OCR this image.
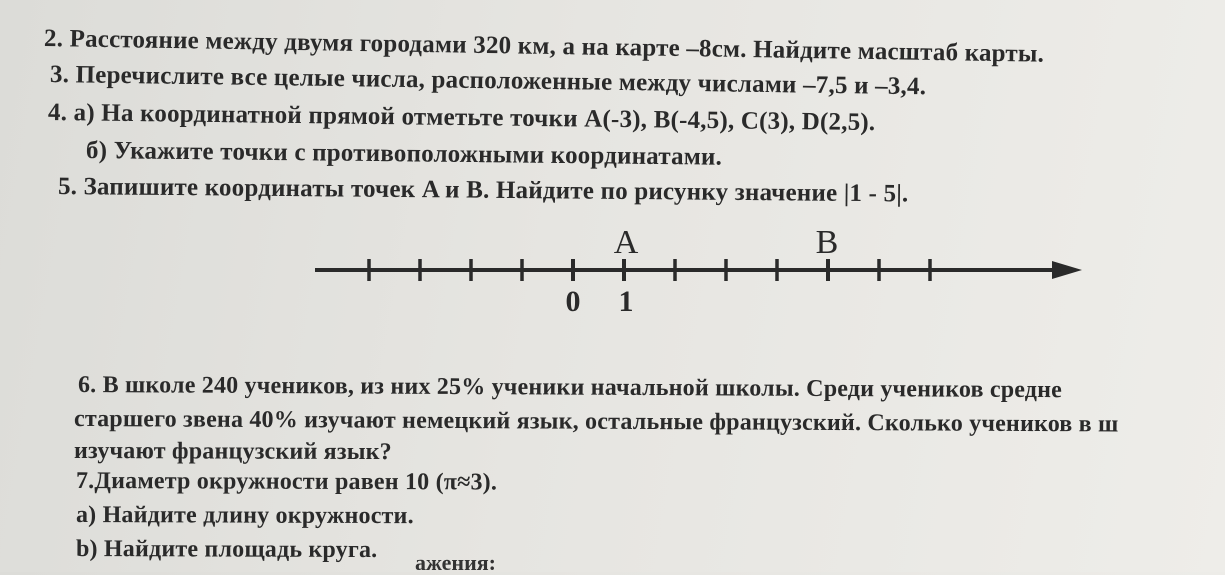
2. Расстояние между двумя городами 320 км, а на карте –8см. Найдите масштаб карты.
3. Перечислите все целые числа, расположенные между числами –7,5 и –3,4.
4. а) На координатной прямой отметьте точки A(-3), B(-4,5), C(3), D(2,5).
б) Укажите точки с противоположными координатами.
5. Запишите координаты точек A и B. Найдите по рисунку значение |1 - 5|.
A	B
0 1
6. В школе 240 учеников, из них 25% ученики начальной школы. Среди учеников средне
старшего звена 40% изучают немецкий язык, остальные французский. Сколько учеников в ш
изучают французский язык?
7.Диаметр окружности равен 10 (π≈3).
а) Найдите длину окружности.
b) Найдите площадь круга. ажения:
